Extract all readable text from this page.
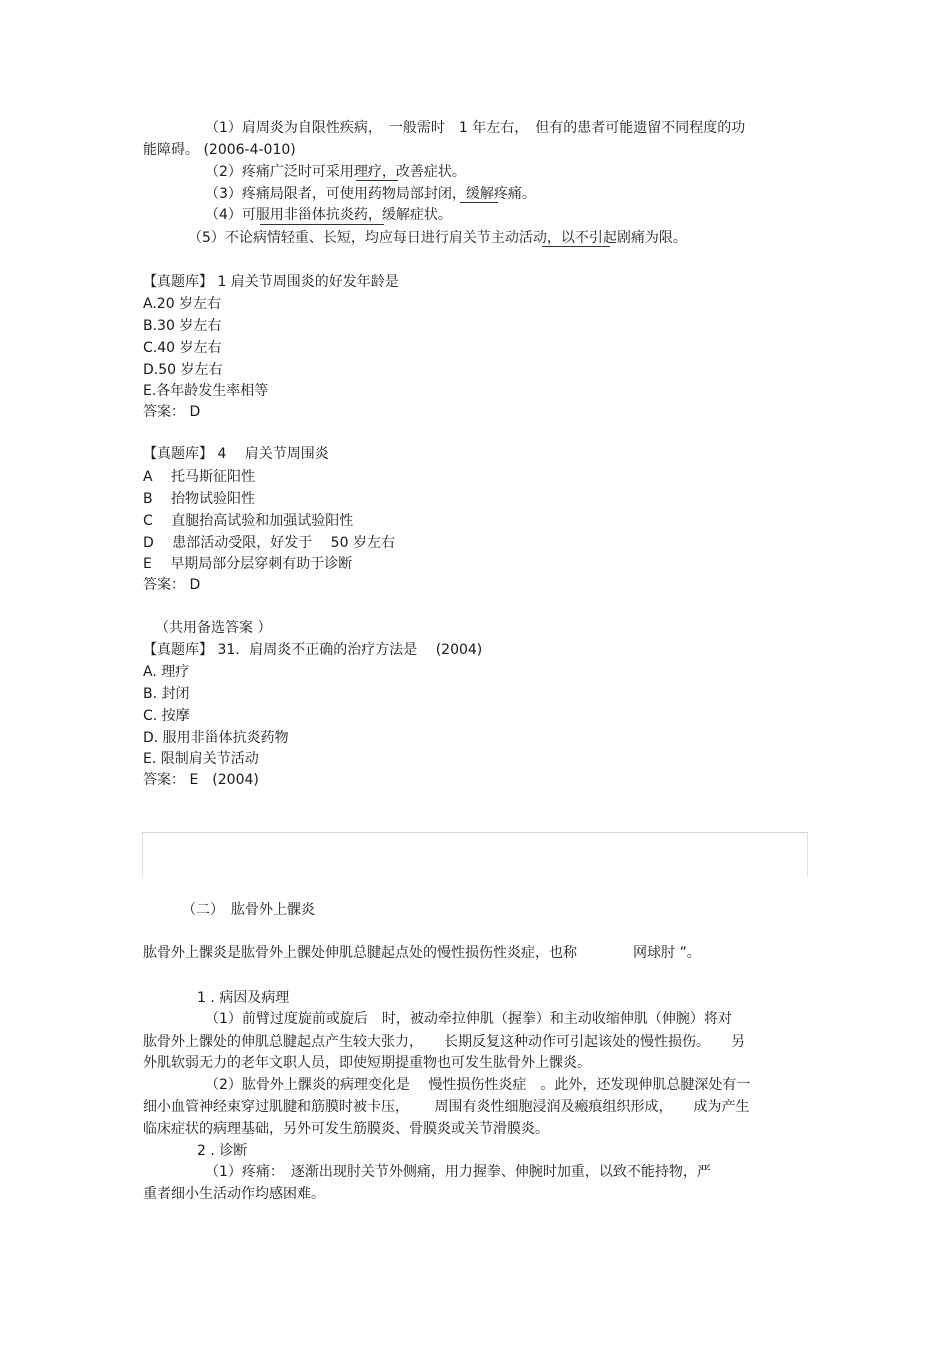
（1）肩周炎为自限性疾病，　一般需时　1 年左右，　但有的患者可能遗留不同程度的功
能障碍。 (2006-4-010)
（2）疼痛广泛时可采用理疗，改善症状。
（3）疼痛局限者，可使用药物局部封闭，缓解疼痛。
（4）可服用非甾体抗炎药，缓解症状。
（5）不论病情轻重、长短，均应每日进行肩关节主动活动，以不引起剧痛为限。
【真题库】 1 肩关节周围炎的好发年龄是
A.20 岁左右
B.30 岁左右
C.40 岁左右
D.50 岁左右
E.各年龄发生率相等
答案： D
【真题库】 4　 肩关节周围炎
A　 托马斯征阳性
B　 抬物试验阳性
C　 直腿抬高试验和加强试验阳性
D　 患部活动受限，好发于　 50 岁左右
E　 早期局部分层穿刺有助于诊断
答案： D
（共用备选答案 ）
【真题库】 31．肩周炎不正确的治疗方法是　 (2004)
A. 理疗
B. 封闭
C. 按摩
D. 服用非甾体抗炎药物
E. 限制肩关节活动
答案： E　(2004)
（二）　肱骨外上髁炎
肱骨外上髁炎是肱骨外上髁处伸肌总腱起点处的慢性损伤性炎症，也称　　　　网球肘 ”。
1 . 病因及病理
（1）前臂过度旋前或旋后　时，被动牵拉伸肌（握拳）和主动收缩伸肌（伸腕）将对
肱骨外上髁处的伸肌总腱起点产生较大张力，　　长期反复这种动作可引起该处的慢性损伤。　　另
外肌软弱无力的老年文职人员，即使短期提重物也可发生肱骨外上髁炎。
（2）肱骨外上髁炎的病理变化是　 慢性损伤性炎症　。此外，还发现伸肌总腱深处有一
细小血管神经束穿过肌腱和筋膜时被卡压，　　 周围有炎性细胞浸润及瘢痕组织形成，　　成为产生
临床症状的病理基础，另外可发生筋膜炎、骨膜炎或关节滑膜炎。
2 . 诊断
（1）疼痛：　逐渐出现肘关节外侧痛，用力握拳、伸腕时加重，以致不能持物，严
重者细小生活动作均感困难。
